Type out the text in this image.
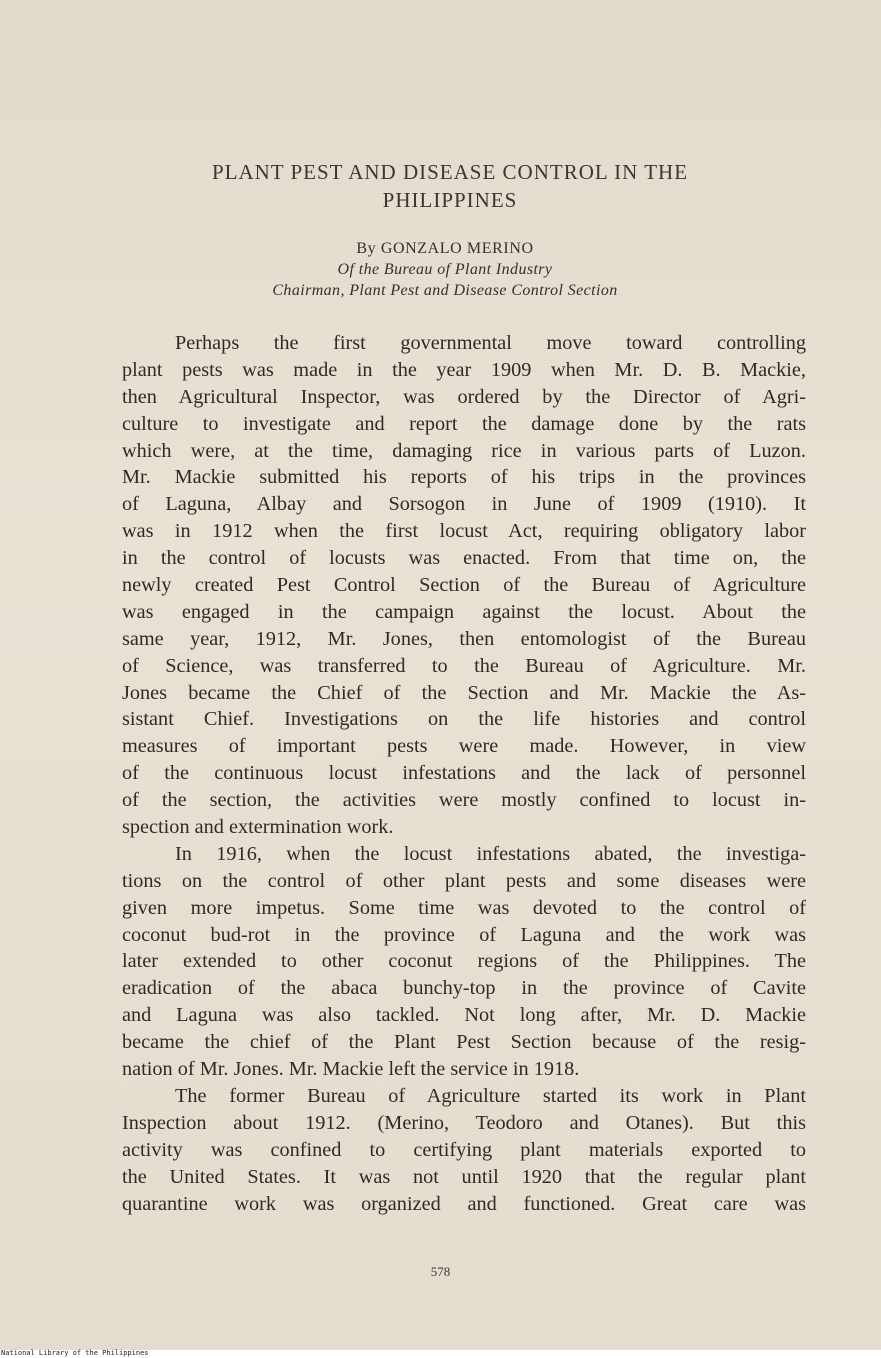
PLANT PEST AND DISEASE CONTROL IN THE
PHILIPPINES
By GONZALO MERINO
Of the Bureau of Plant Industry
Chairman, Plant Pest and Disease Control Section
Perhaps the first governmental move toward controlling
plant pests was made in the year 1909 when Mr. D. B. Mackie,
then Agricultural Inspector, was ordered by the Director of Agri-
culture to investigate and report the damage done by the rats
which were, at the time, damaging rice in various parts of Luzon.
Mr. Mackie submitted his reports of his trips in the provinces
of Laguna, Albay and Sorsogon in June of 1909 (1910). It
was in 1912 when the first locust Act, requiring obligatory labor
in the control of locusts was enacted. From that time on, the
newly created Pest Control Section of the Bureau of Agriculture
was engaged in the campaign against the locust. About the
same year, 1912, Mr. Jones, then entomologist of the Bureau
of Science, was transferred to the Bureau of Agriculture. Mr.
Jones became the Chief of the Section and Mr. Mackie the As-
sistant Chief. Investigations on the life histories and control
measures of important pests were made. However, in view
of the continuous locust infestations and the lack of personnel
of the section, the activities were mostly confined to locust in-
spection and extermination work.
In 1916, when the locust infestations abated, the investiga-
tions on the control of other plant pests and some diseases were
given more impetus. Some time was devoted to the control of
coconut bud-rot in the province of Laguna and the work was
later extended to other coconut regions of the Philippines. The
eradication of the abaca bunchy-top in the province of Cavite
and Laguna was also tackled. Not long after, Mr. D. Mackie
became the chief of the Plant Pest Section because of the resig-
nation of Mr. Jones. Mr. Mackie left the service in 1918.
The former Bureau of Agriculture started its work in Plant
Inspection about 1912. (Merino, Teodoro and Otanes). But this
activity was confined to certifying plant materials exported to
the United States. It was not until 1920 that the regular plant
quarantine work was organized and functioned. Great care was
578
National Library of the Philippines
